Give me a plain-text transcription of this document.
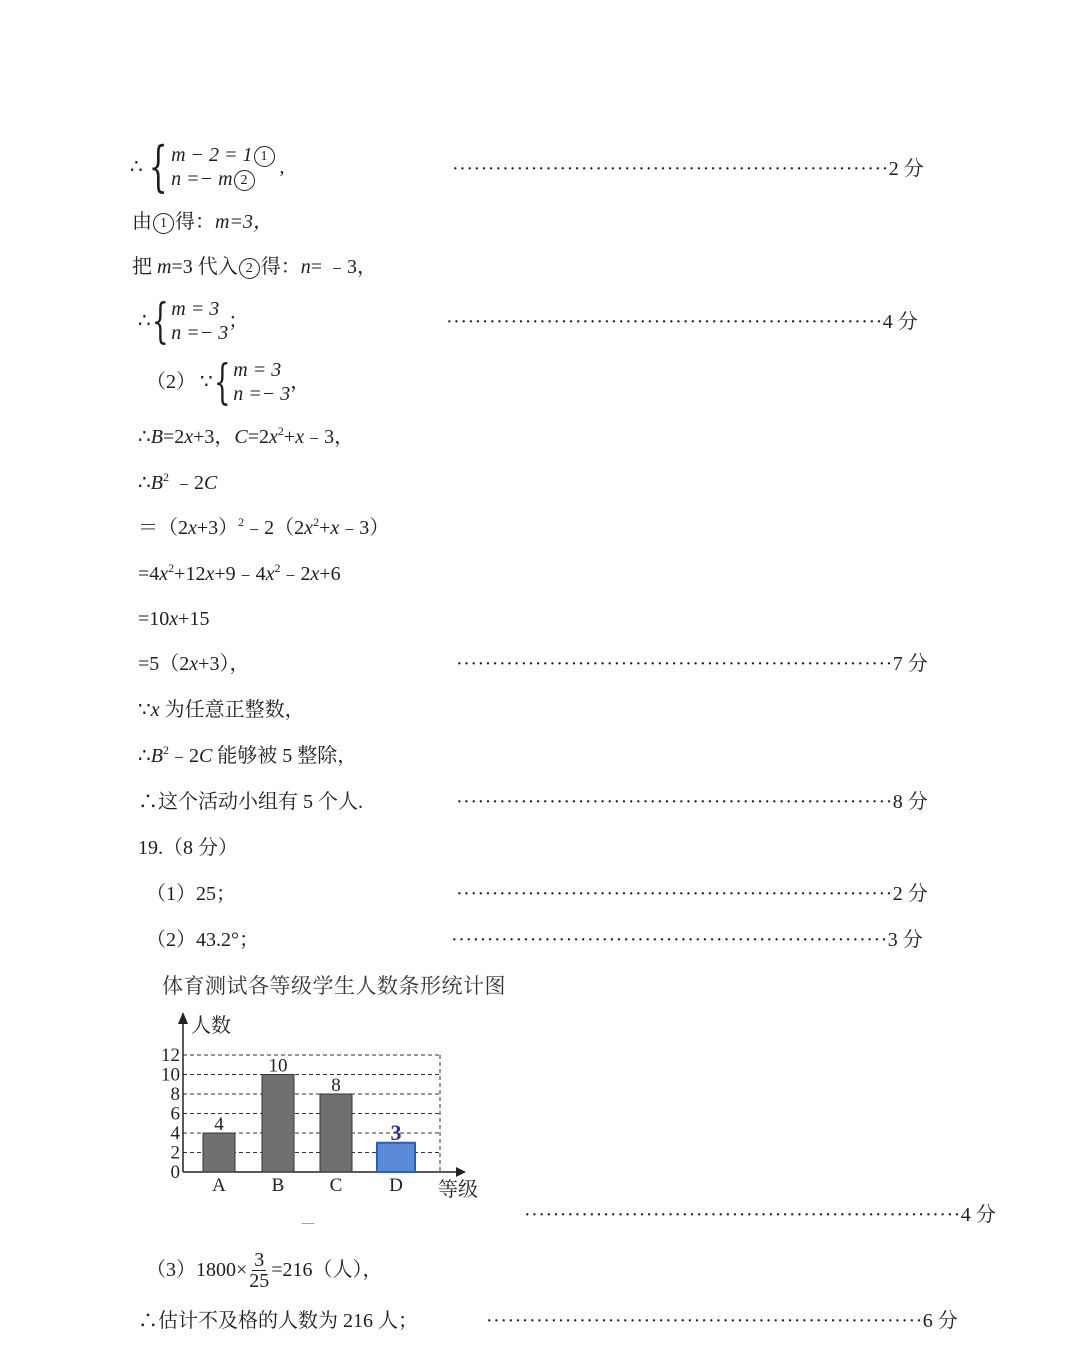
∴ { m − 2 = 1 1
n =− m 2
,	·····························································2 分
由 1 得：m=3，
把 m=3 代入 2 得：n= ﹣3，
∴ { m = 3
n =− 3
；	·····························································4 分
（2） ∵ { m = 3
n =− 3
，
∴B=2x+3，$C=2x^2+x﹣3$，
$\therefore B^2$ ﹣2C
$=(2x+3)^2﹣2(2x^2+x﹣3)$
$=4x^2+12x+9﹣4x^2﹣2x+6$
=10x+15
=5（2x+3），	·····························································7 分
∵x 为任意正整数，
$\therefore B^2﹣2C$ 能够被 5 整除，
∴这个活动小组有 5 个人.	·····························································8 分
19.（8 分）
（1）25；	·····························································2 分
（2）43.2°；	·····························································3 分
体育测试各等级学生人数条形统计图
0
2
4
6
8
10
12
人数
等级
4
A
10
B
8
C
3
D
—	·····························································4 分
$(3)1800\times \frac{3}{25} =216$（人），
∴估计不及格的人数为 216 人；	·····························································6 分
